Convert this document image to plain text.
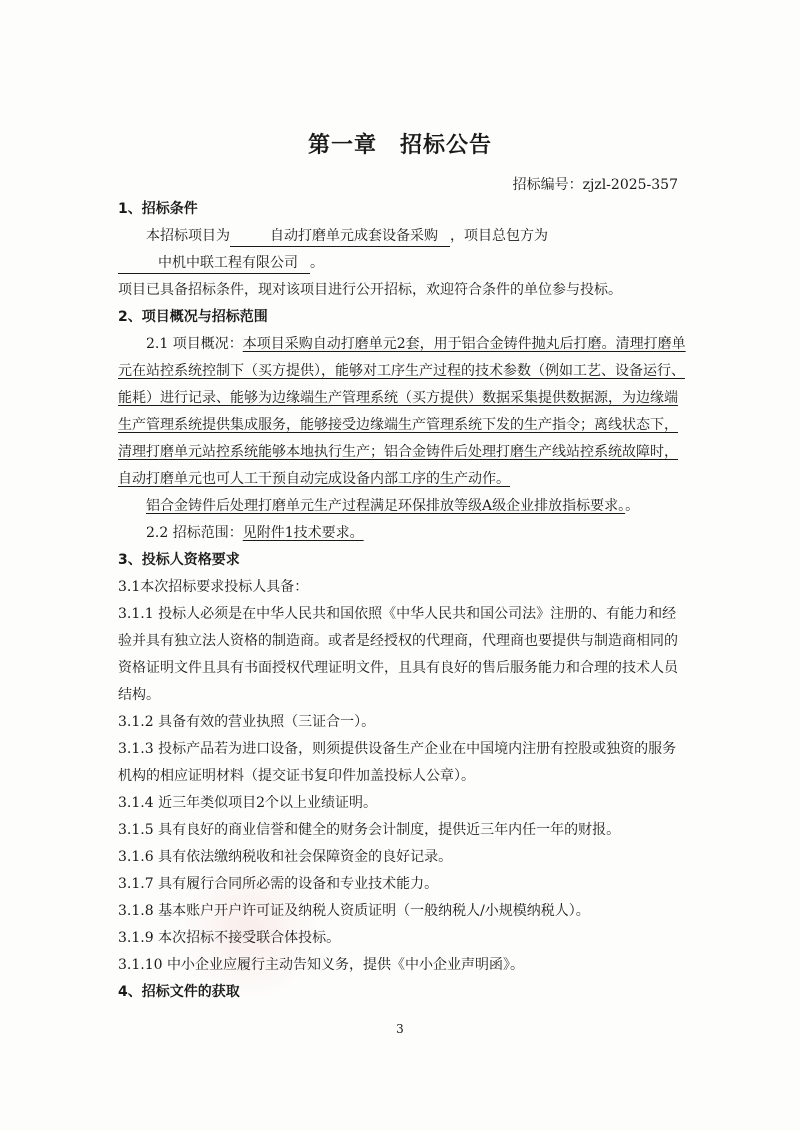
第一章　招标公告
招标编号：zjzl-2025-357

1、招标条件

本招标项目为	自动打磨单元成套设备采购 ，项目总包方为中机中联工程有限公司 。

项目已具备招标条件，现对该项目进行公开招标，欢迎符合条件的单位参与投标。

2、项目概况与招标范围

2.1 项目概况：本项目采购自动打磨单元2套，用于铝合金铸件抛丸后打磨。清理打磨单元在站控系统控制下（买方提供），能够对工序生产过程的技术参数（例如工艺、设备运行、能耗）进行记录、能够为边缘端生产管理系统（买方提供）数据采集提供数据源，为边缘端生产管理系统提供集成服务，能够接受边缘端生产管理系统下发的生产指令；离线状态下，清理打磨单元站控系统能够本地执行生产；铝合金铸件后处理打磨生产线站控系统故障时，自动打磨单元也可人工干预自动完成设备内部工序的生产动作。

铝合金铸件后处理打磨单元生产过程满足环保排放等级A级企业排放指标要求。。

2.2 招标范围：见附件1技术要求。

3、投标人资格要求

3.1本次招标要求投标人具备：

3.1.1 投标人必须是在中华人民共和国依照《中华人民共和国公司法》注册的、有能力和经验并具有独立法人资格的制造商。或者是经授权的代理商，代理商也要提供与制造商相同的资格证明文件且具有书面授权代理证明文件，且具有良好的售后服务能力和合理的技术人员结构。

3.1.2 具备有效的营业执照（三证合一）。

3.1.3 投标产品若为进口设备，则须提供设备生产企业在中国境内注册有控股或独资的服务机构的相应证明材料（提交证书复印件加盖投标人公章）。

3.1.4 近三年类似项目2个以上业绩证明。

3.1.5 具有良好的商业信誉和健全的财务会计制度，提供近三年内任一年的财报。

3.1.6 具有依法缴纳税收和社会保障资金的良好记录。

3.1.7 具有履行合同所必需的设备和专业技术能力。

3.1.8 基本账户开户许可证及纳税人资质证明（一般纳税人/小规模纳税人）。

3.1.9 本次招标不接受联合体投标。

3.1.10 中小企业应履行主动告知义务，提供《中小企业声明函》。

4、招标文件的获取

3
